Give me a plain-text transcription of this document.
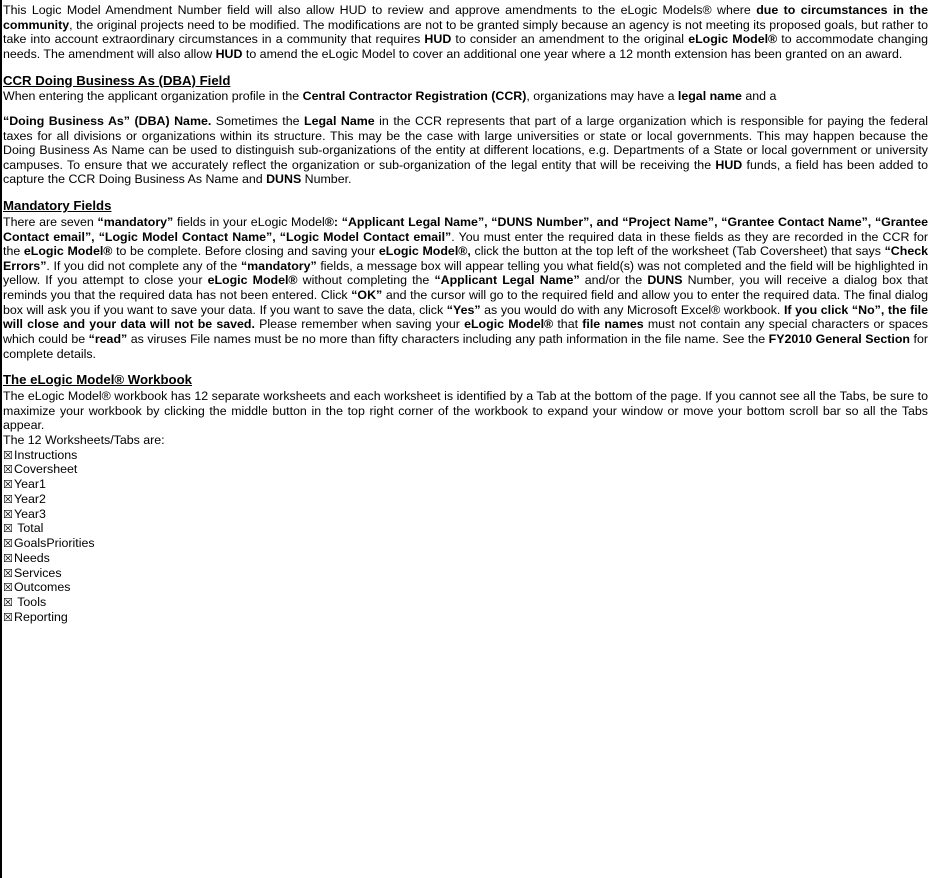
This Logic Model Amendment Number field will also allow HUD to review and approve amendments to the eLogic Models® where due to circumstances in the community, the original projects need to be modified. The modifications are not to be granted simply because an agency is not meeting its proposed goals, but rather to take into account extraordinary circumstances in a community that requires HUD to consider an amendment to the original eLogic Model® to accommodate changing needs. The amendment will also allow HUD to amend the eLogic Model to cover an additional one year where a 12 month extension has been granted on an award.

CCR Doing Business As (DBA) Field

When entering the applicant organization profile in the Central Contractor Registration (CCR), organizations may have a legal name and a

“Doing Business As” (DBA) Name. Sometimes the Legal Name in the CCR represents that part of a large organization which is responsible for paying the federal taxes for all divisions or organizations within its structure. This may be the case with large universities or state or local governments. This may happen because the Doing Business As Name can be used to distinguish sub-organizations of the entity at different locations, e.g. Departments of a State or local government or university campuses. To ensure that we accurately reflect the organization or sub-organization of the legal entity that will be receiving the HUD funds, a field has been added to capture the CCR Doing Business As Name and DUNS Number.

Mandatory Fields

There are seven “mandatory” fields in your eLogic Model®: “Applicant Legal Name”, “DUNS Number”, and “Project Name”, “Grantee Contact Name”, “Grantee Contact email”, “Logic Model Contact Name”, “Logic Model Contact email”. You must enter the required data in these fields as they are recorded in the CCR for the eLogic Model® to be complete. Before closing and saving your eLogic Model®, click the button at the top left of the worksheet (Tab Coversheet) that says “Check Errors”. If you did not complete any of the “mandatory” fields, a message box will appear telling you what field(s) was not completed and the field will be highlighted in yellow. If you attempt to close your eLogic Model® without completing the “Applicant Legal Name” and/or the DUNS Number, you will receive a dialog box that reminds you that the required data has not been entered. Click “OK” and the cursor will go to the required field and allow you to enter the required data. The final dialog box will ask you if you want to save your data. If you want to save the data, click “Yes” as you would do with any Microsoft Excel® workbook. If you click “No”, the file will close and your data will not be saved. Please remember when saving your eLogic Model® that file names must not contain any special characters or spaces which could be “read” as viruses File names must be no more than fifty characters including any path information in the file name. See the FY2010 General Section for complete details.

The eLogic Model® Workbook

The eLogic Model® workbook has 12 separate worksheets and each worksheet is identified by a Tab at the bottom of the page. If you cannot see all the Tabs, be sure to maximize your workbook by clicking the middle button in the top right corner of the workbook to expand your window or move your bottom scroll bar so all the Tabs appear.

The 12 Worksheets/Tabs are:

☒Instructions
☒Coversheet
☒Year1
☒Year2
☒Year3
☒ Total
☒GoalsPriorities
☒Needs
☒Services
☒Outcomes
☒ Tools
☒Reporting
